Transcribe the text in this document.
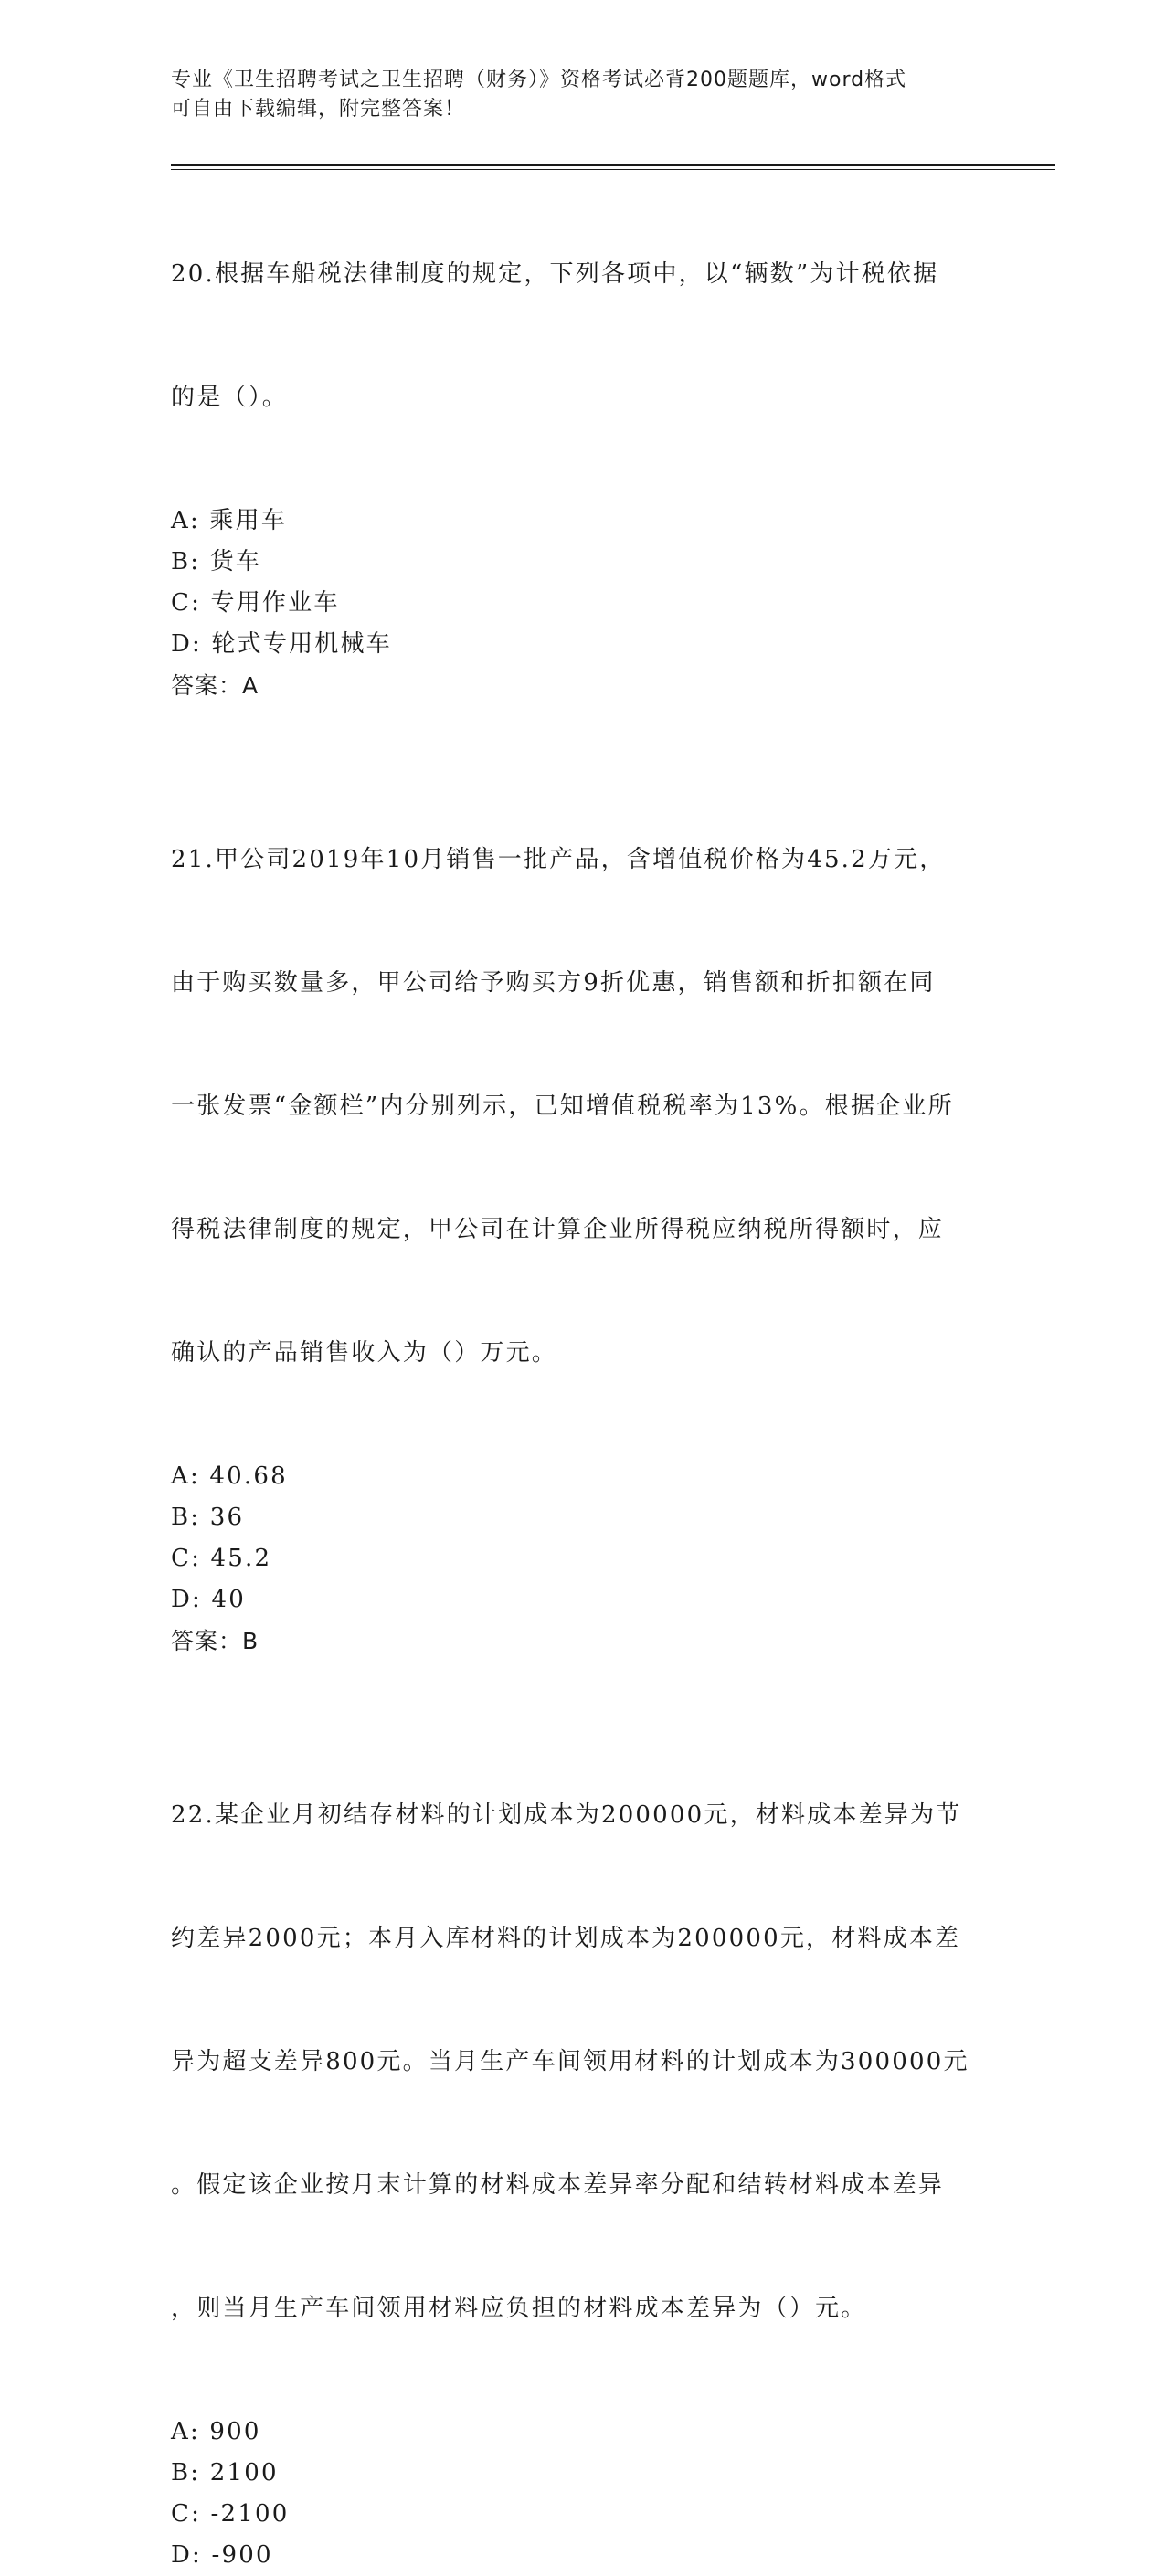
专业《卫生招聘考试之卫生招聘（财务）》资格考试必背200题题库，word格式
可自由下载编辑，附完整答案！

20.根据车船税法律制度的规定，下列各项中，以“辆数”为计税依据

的是（）。

A: 乘用车
B: 货车
C: 专用作业车
D: 轮式专用机械车
答案：A

21.甲公司2019年10月销售一批产品，含增值税价格为45.2万元，

由于购买数量多，甲公司给予购买方9折优惠，销售额和折扣额在同

一张发票“金额栏”内分别列示，已知增值税税率为13%。根据企业所

得税法律制度的规定，甲公司在计算企业所得税应纳税所得额时，应

确认的产品销售收入为（）万元。

A: 40.68
B: 36
C: 45.2
D: 40
答案：B

22.某企业月初结存材料的计划成本为200000元，材料成本差异为节

约差异2000元；本月入库材料的计划成本为200000元，材料成本差

异为超支差异800元。当月生产车间领用材料的计划成本为300000元

。假定该企业按月末计算的材料成本差异率分配和结转材料成本差异

，则当月生产车间领用材料应负担的材料成本差异为（）元。

A: 900
B: 2100
C: -2100
D: -900
